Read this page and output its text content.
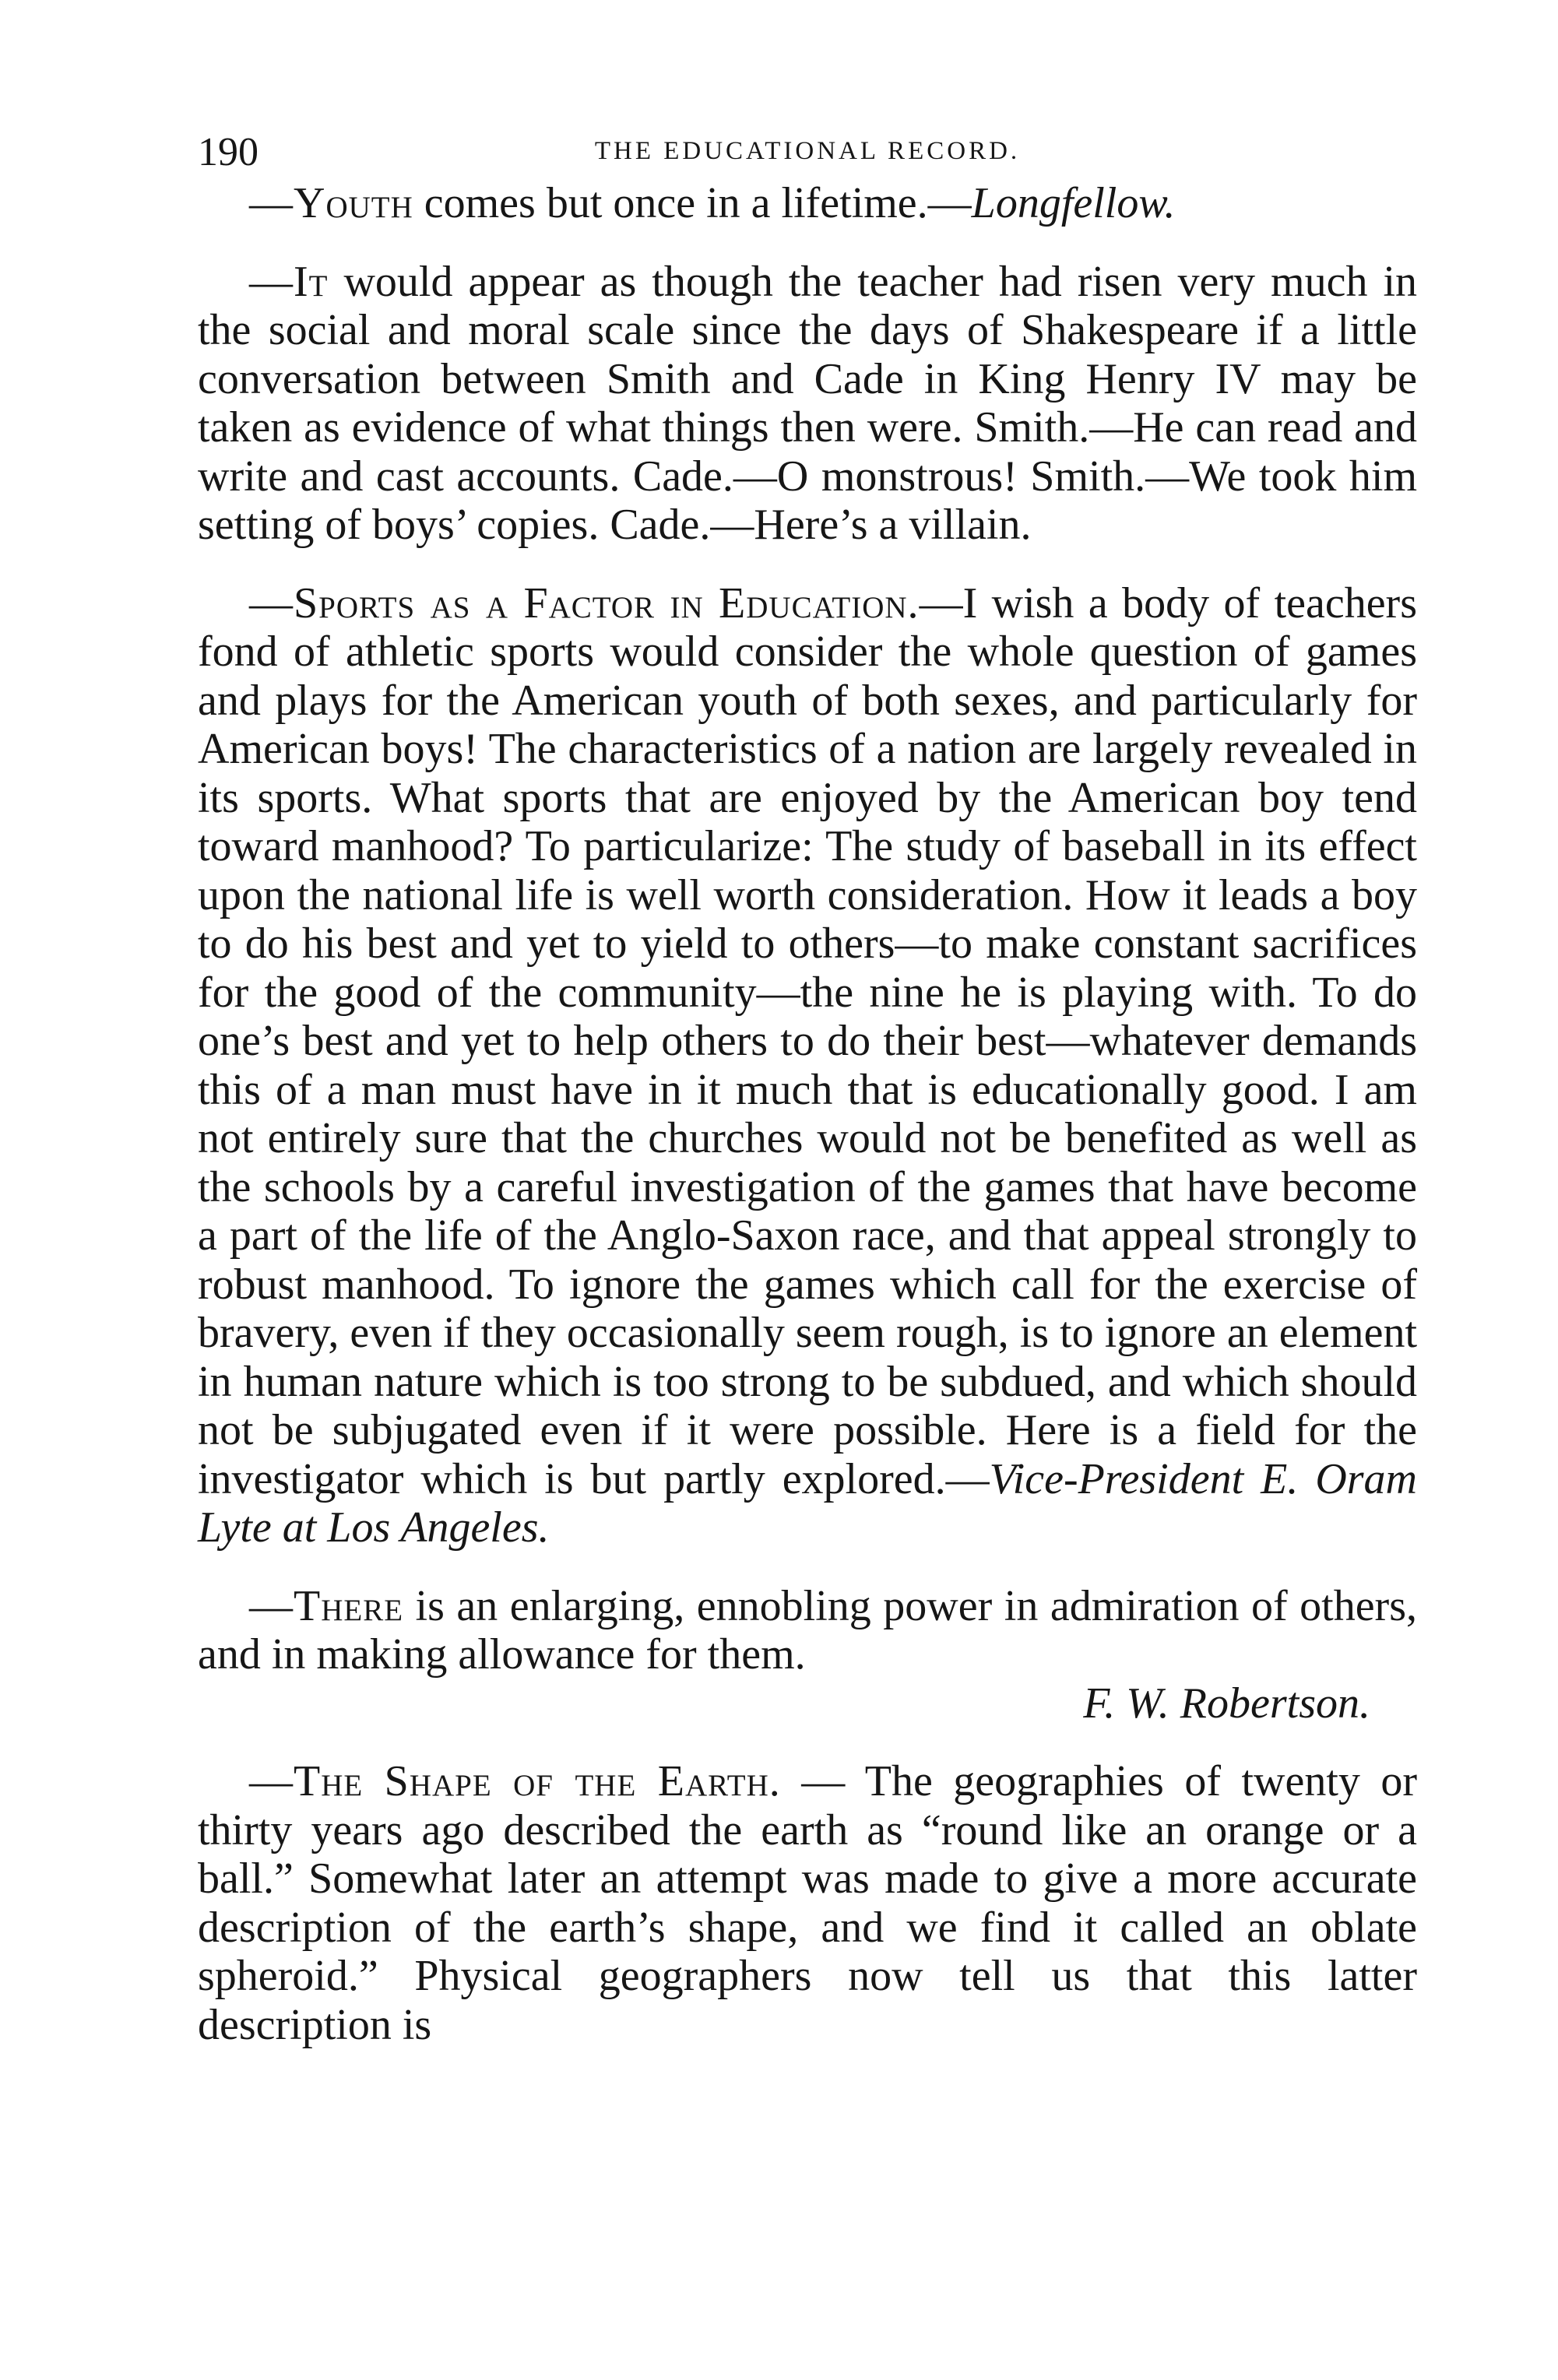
190	THE EDUCATIONAL RECORD.

—Youth comes but once in a lifetime.—Longfellow.

—It would appear as though the teacher had risen very much in the social and moral scale since the days of Shakespeare if a little conversation between Smith and Cade in King Henry IV may be taken as evidence of what things then were. Smith.—He can read and write and cast accounts. Cade.—O monstrous! Smith.—We took him setting of boys’ copies. Cade.—Here’s a villain.

—Sports as a Factor in Education.—I wish a body of teachers fond of athletic sports would consider the whole question of games and plays for the American youth of both sexes, and particularly for American boys! The characteristics of a nation are largely revealed in its sports. What sports that are enjoyed by the American boy tend toward manhood? To particularize: The study of baseball in its effect upon the national life is well worth consideration. How it leads a boy to do his best and yet to yield to others—to make constant sacrifices for the good of the community—the nine he is playing with. To do one’s best and yet to help others to do their best—whatever demands this of a man must have in it much that is educationally good. I am not entirely sure that the churches would not be benefited as well as the schools by a careful investigation of the games that have become a part of the life of the Anglo-Saxon race, and that appeal strongly to robust manhood. To ignore the games which call for the exercise of bravery, even if they occasionally seem rough, is to ignore an element in human nature which is too strong to be subdued, and which should not be subjugated even if it were possible. Here is a field for the investigator which is but partly explored.—Vice-President E. Oram Lyte at Los Angeles.

—There is an enlarging, ennobling power in admiration of others, and in making allowance for them.
F. W. Robertson.

—The Shape of the Earth. — The geographies of twenty or thirty years ago described the earth as “round like an orange or a ball.” Somewhat later an attempt was made to give a more accurate description of the earth’s shape, and we find it called an oblate spheroid.” Physical geographers now tell us that this latter description is
